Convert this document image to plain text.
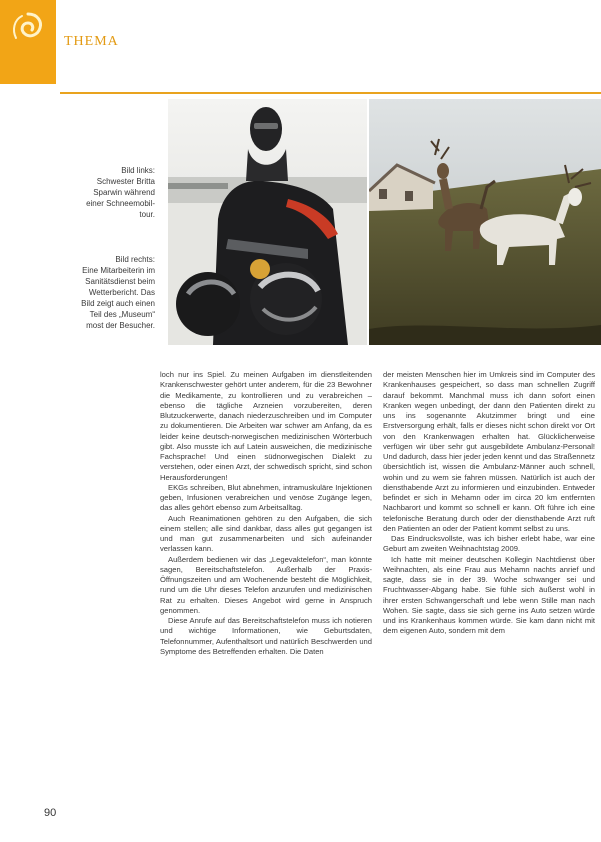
THEMA
Bild links:
Schwester Britta
Sparwin während
einer Schneemobil-
tour.
Bild rechts:
Eine Mitarbeiterin im
Sanitätsdienst beim
Wetterbericht. Das
Bild zeigt auch einen
Teil des „Museum“
most der Besucher.

loch nur ins Spiel. Zu meinen Aufgaben im dienstleitenden Krankenschwester gehört unter anderem, für die 23 Bewohner die Medikamente, zu kontrollieren und zu verabreichen – ebenso die tägliche Arzneien vorzubereiten, deren Blutzuckerwerte, danach niederzuschreiben und im Computer zu dokumentieren. Die Arbeiten war schwer am Anfang, da es leider keine deutsch-norwegischen medizinischen Wörterbuch gibt. Also musste ich auf Latein ausweichen, die medizinische Fachsprache! Und einen südnorwegischen Dialekt zu verstehen, oder einen Arzt, der schwedisch spricht, sind schon Herausforderungen!

EKGs schreiben, Blut abnehmen, intramuskuläre Injektionen geben, Infusionen verabreichen und venöse Zugänge legen, das alles gehört ebenso zum Arbeitsalltag.

Auch Reanimationen gehören zu den Aufgaben, die sich einem stellen; alle sind dankbar, dass alles gut gegangen ist und man gut zusammenarbeiten und sich aufeinander verlassen kann.

Außerdem bedienen wir das „Legevaktelefon“, man könnte sagen, Bereitschaftstelefon. Außerhalb der Praxis-Öffnungszeiten und am Wochenende besteht die Möglichkeit, rund um die Uhr dieses Telefon anzurufen und medizinischen Rat zu erhalten. Dieses Angebot wird gerne in Anspruch genommen.

Diese Anrufe auf das Bereitschaftstelefon muss ich notieren und wichtige Informationen, wie Geburtsdaten, Telefonnummer, Aufenthaltsort und natürlich Beschwerden und Symptome des Betreffenden erhalten. Die Daten

der meisten Menschen hier im Umkreis sind im Computer des Krankenhauses gespeichert, so dass man schnellen Zugriff darauf bekommt. Manchmal muss ich dann sofort einen Kranken wegen unbedingt, der dann den Patienten direkt zu uns ins sogenannte Akutzimmer bringt und eine Erstversorgung erhält, falls er dieses nicht schon direkt vor Ort von den Krankenwagen erhalten hat. Glücklicherweise verfügen wir über sehr gut ausgebildete Ambulanz-Personal! Und dadurch, dass hier jeder jeden kennt und das Straßennetz übersichtlich ist, wissen die Ambulanz-Männer auch schnell, wohin und zu wem sie fahren müssen. Natürlich ist auch der diensthabende Arzt zu informieren und einzubinden. Entweder befindet er sich in Mehamn oder im circa 20 km entfernten Nachbarort und kommt so schnell er kann. Oft führe ich eine telefonische Beratung durch oder der diensthabende Arzt ruft den Patienten an oder der Patient kommt selbst zu uns.

Das Eindrucksvollste, was ich bisher erlebt habe, war eine Geburt am zweiten Weihnachtstag 2009.

Ich hatte mit meiner deutschen Kollegin Nachtdienst über Weihnachten, als eine Frau aus Mehamn nachts anrief und sagte, dass sie in der 39. Woche schwanger sei und Fruchtwasser-Abgang habe. Sie fühle sich äußerst wohl in ihrer ersten Schwangerschaft und lebe wenn Stille man nach Wohen. Sie sagte, dass sie sich gerne ins Auto setzen würde und ins Krankenhaus kommen würde. Sie kam dann nicht mit dem eigenen Auto, sondern mit dem

90
